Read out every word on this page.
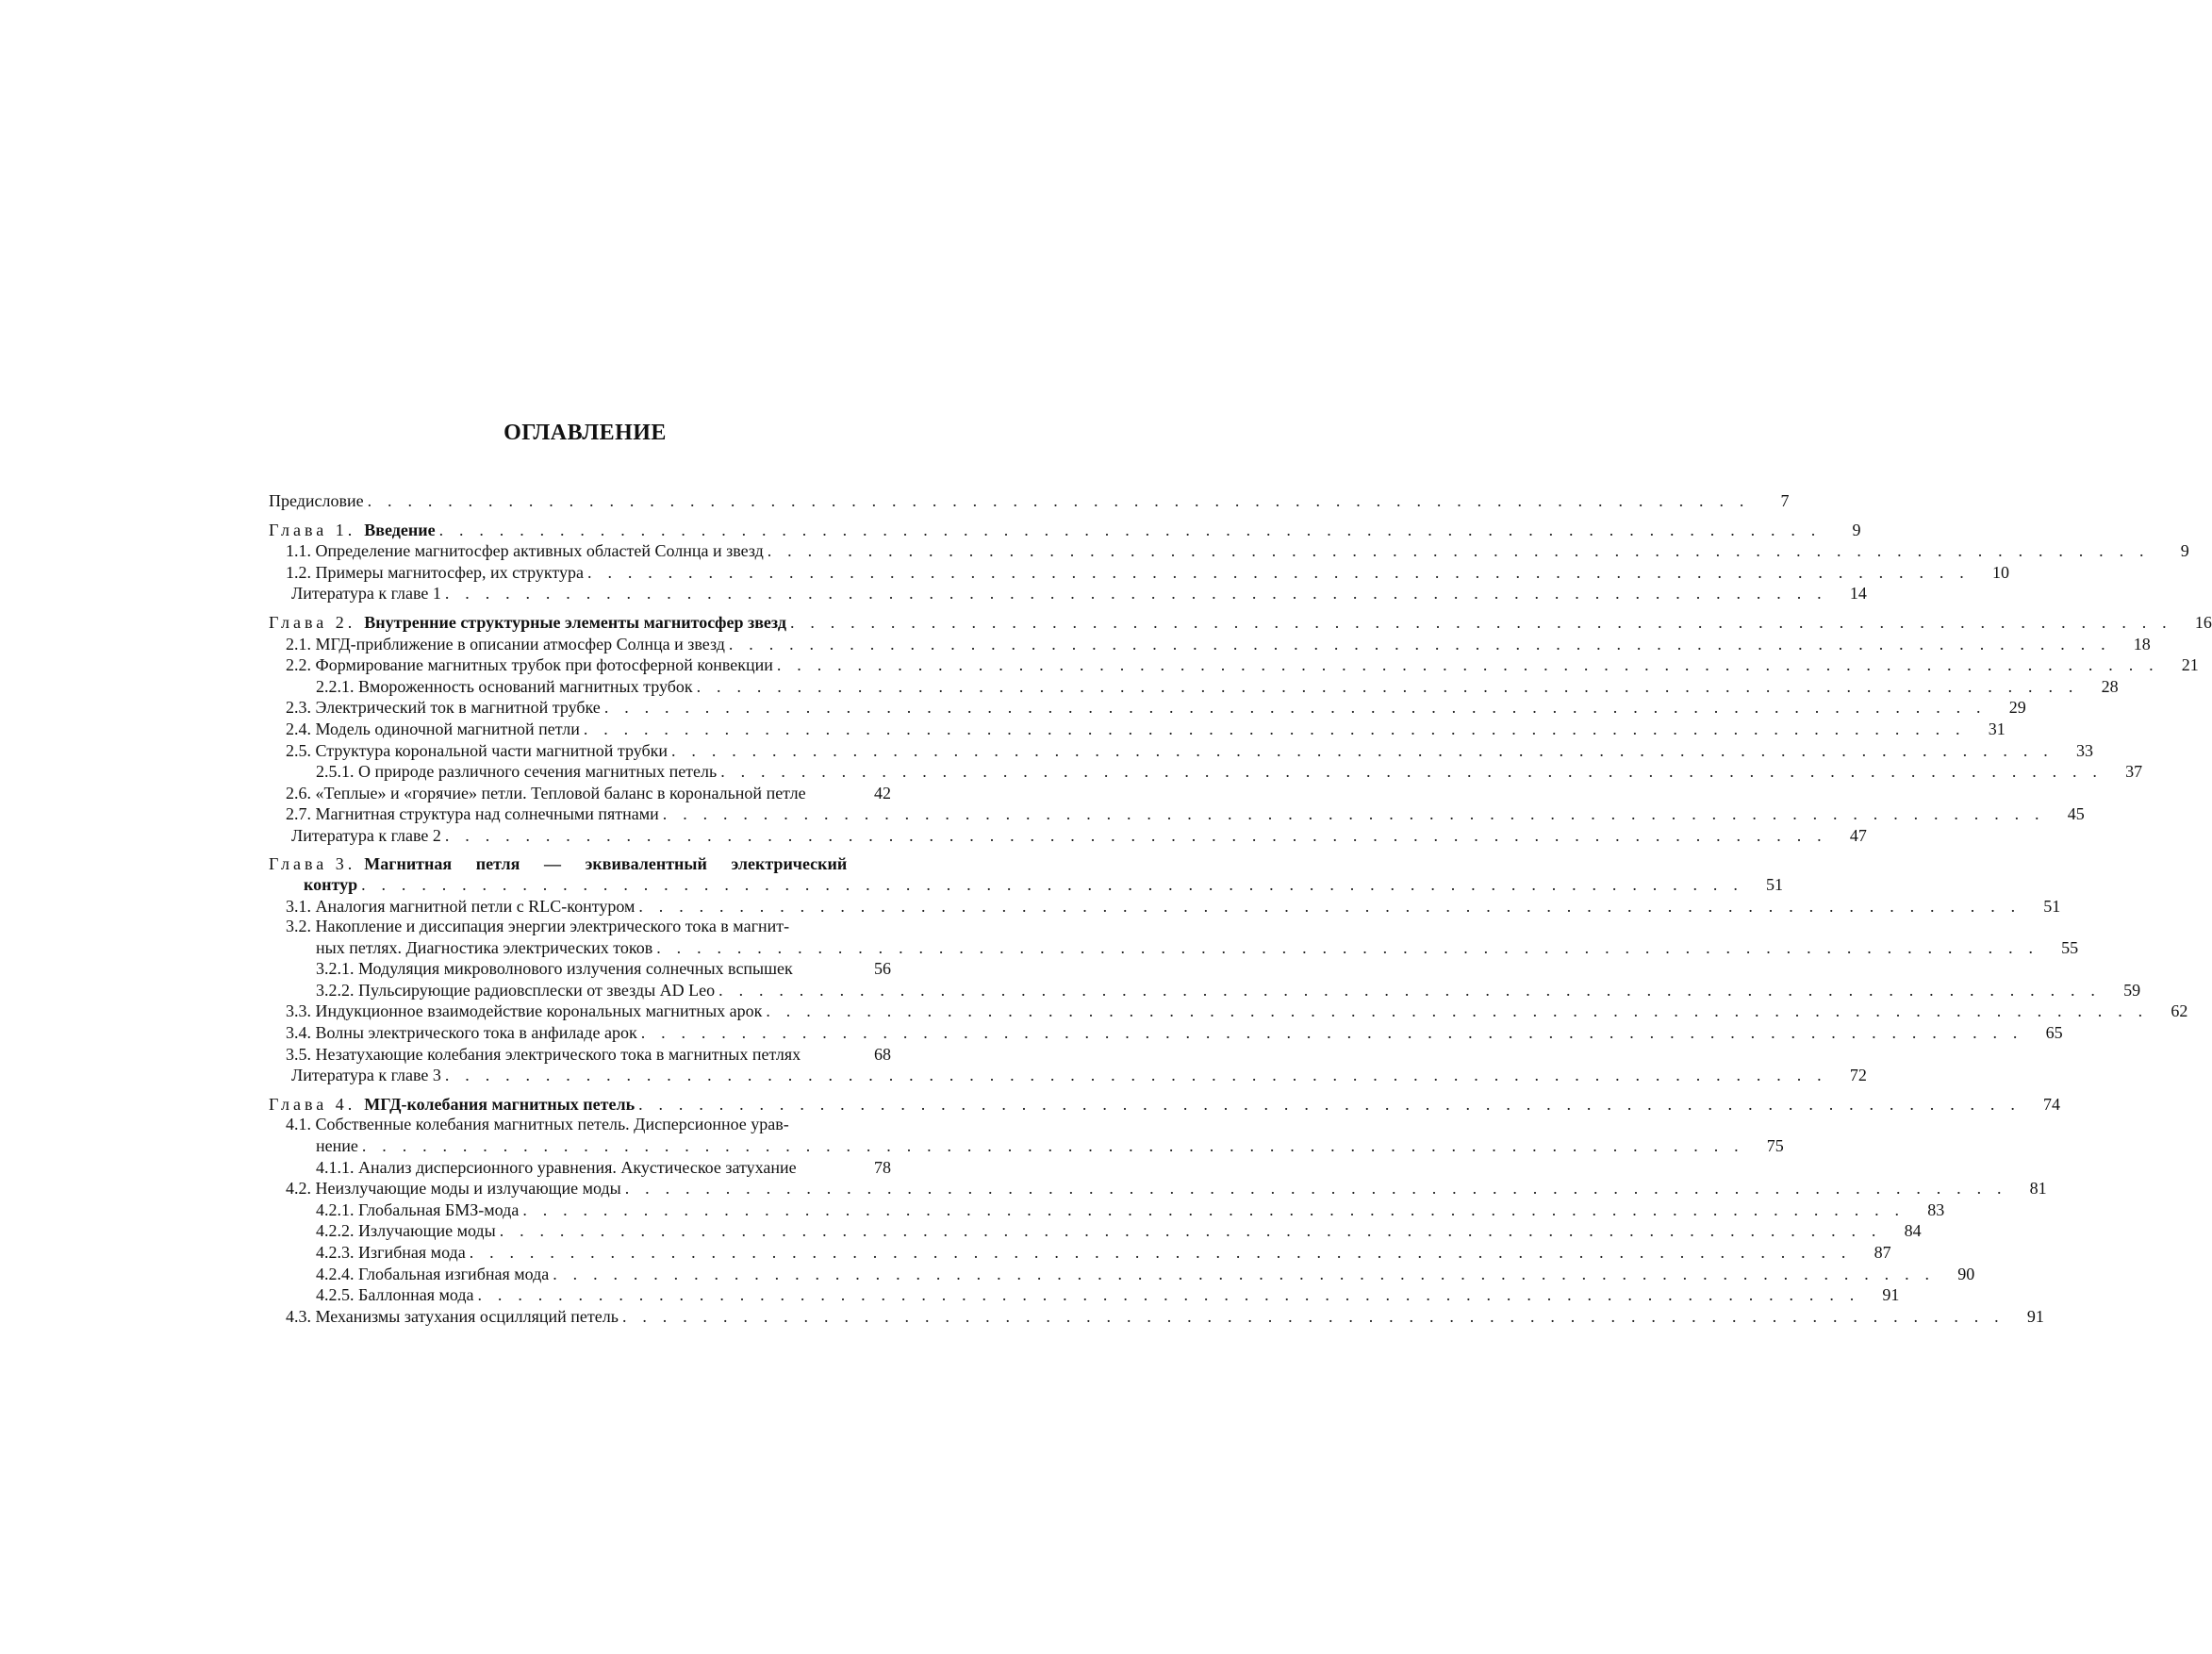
ОГЛАВЛЕНИЕ
Предисловие . . . . . . . . . . . . . . . . . . . . . . . . . . . . . . . . . . . . . . . . . . . . . . . . . . . . . . . . . . . . . . . . . . . . .	7
Глава 1. Введение . . . . . . . . . . . . . . . . . . . . . . . . . . . . . . . . . . . . . . . . . . . . . . . . . . . . . . . . . . . . . . . . . . . . .	9
1.1. Определение магнитосфер активных областей Солнца и звезд . . . . . . . . . . . . . . . . . . . . . . . . . . . . . . . . . . . . . . . . . . . . . . . . . . . . . . . . . . . . . . . . . . . . .	9
1.2. Примеры магнитосфер, их структура . . . . . . . . . . . . . . . . . . . . . . . . . . . . . . . . . . . . . . . . . . . . . . . . . . . . . . . . . . . . . . . . . . . . .	10
Литература к главе 1 . . . . . . . . . . . . . . . . . . . . . . . . . . . . . . . . . . . . . . . . . . . . . . . . . . . . . . . . . . . . . . . . . . . . .	14
Глава 2. Внутренние структурные элементы магнитосфер звезд . . . . . . . . . . . . . . . . . . . . . . . . . . . . . . . . . . . . . . . . . . . . . . . . . . . . . . . . . . . . . . . . . . . . .	16
2.1. МГД-приближение в описании атмосфер Солнца и звезд . . . . . . . . . . . . . . . . . . . . . . . . . . . . . . . . . . . . . . . . . . . . . . . . . . . . . . . . . . . . . . . . . . . . .	18
2.2. Формирование магнитных трубок при фотосферной конвекции . . . . . . . . . . . . . . . . . . . . . . . . . . . . . . . . . . . . . . . . . . . . . . . . . . . . . . . . . . . . . . . . . . . . .	21
2.2.1. Вмороженность оснований магнитных трубок . . . . . . . . . . . . . . . . . . . . . . . . . . . . . . . . . . . . . . . . . . . . . . . . . . . . . . . . . . . . . . . . . . . . .	28
2.3. Электрический ток в магнитной трубке . . . . . . . . . . . . . . . . . . . . . . . . . . . . . . . . . . . . . . . . . . . . . . . . . . . . . . . . . . . . . . . . . . . . .	29
2.4. Модель одиночной магнитной петли . . . . . . . . . . . . . . . . . . . . . . . . . . . . . . . . . . . . . . . . . . . . . . . . . . . . . . . . . . . . . . . . . . . . .	31
2.5. Структура корональной части магнитной трубки . . . . . . . . . . . . . . . . . . . . . . . . . . . . . . . . . . . . . . . . . . . . . . . . . . . . . . . . . . . . . . . . . . . . .	33
2.5.1. О природе различного сечения магнитных петель . . . . . . . . . . . . . . . . . . . . . . . . . . . . . . . . . . . . . . . . . . . . . . . . . . . . . . . . . . . . . . . . . . . . .	37
2.6. «Теплые» и «горячие» петли. Тепловой баланс в корональной петле	42
2.7. Магнитная структура над солнечными пятнами . . . . . . . . . . . . . . . . . . . . . . . . . . . . . . . . . . . . . . . . . . . . . . . . . . . . . . . . . . . . . . . . . . . . .	45
Литература к главе 2 . . . . . . . . . . . . . . . . . . . . . . . . . . . . . . . . . . . . . . . . . . . . . . . . . . . . . . . . . . . . . . . . . . . . .	47
Глава 3.
Магнитная петля — эквивалентный электрический
контур . . . . . . . . . . . . . . . . . . . . . . . . . . . . . . . . . . . . . . . . . . . . . . . . . . . . . . . . . . . . . . . . . . . . .	51
3.1. Аналогия магнитной петли с RLC-контуром . . . . . . . . . . . . . . . . . . . . . . . . . . . . . . . . . . . . . . . . . . . . . . . . . . . . . . . . . . . . . . . . . . . . .	51
3.2. Накопление и диссипация энергии электрического тока в магнит-
ных петлях. Диагностика электрических токов . . . . . . . . . . . . . . . . . . . . . . . . . . . . . . . . . . . . . . . . . . . . . . . . . . . . . . . . . . . . . . . . . . . . .	55
3.2.1. Модуляция микроволнового излучения солнечных вспышек	56
3.2.2. Пульсирующие радиовсплески от звезды AD Leo . . . . . . . . . . . . . . . . . . . . . . . . . . . . . . . . . . . . . . . . . . . . . . . . . . . . . . . . . . . . . . . . . . . . .	59
3.3. Индукционное взаимодействие корональных магнитных арок . . . . . . . . . . . . . . . . . . . . . . . . . . . . . . . . . . . . . . . . . . . . . . . . . . . . . . . . . . . . . . . . . . . . .	62
3.4. Волны электрического тока в анфиладе арок . . . . . . . . . . . . . . . . . . . . . . . . . . . . . . . . . . . . . . . . . . . . . . . . . . . . . . . . . . . . . . . . . . . . .	65
3.5. Незатухающие колебания электрического тока в магнитных петлях	68
Литература к главе 3 . . . . . . . . . . . . . . . . . . . . . . . . . . . . . . . . . . . . . . . . . . . . . . . . . . . . . . . . . . . . . . . . . . . . .	72
Глава 4. МГД-колебания магнитных петель . . . . . . . . . . . . . . . . . . . . . . . . . . . . . . . . . . . . . . . . . . . . . . . . . . . . . . . . . . . . . . . . . . . . .	74
4.1. Собственные колебания магнитных петель. Дисперсионное урав-
нение . . . . . . . . . . . . . . . . . . . . . . . . . . . . . . . . . . . . . . . . . . . . . . . . . . . . . . . . . . . . . . . . . . . . .	75
4.1.1. Анализ дисперсионного уравнения. Акустическое затухание	78
4.2. Неизлучающие моды и излучающие моды . . . . . . . . . . . . . . . . . . . . . . . . . . . . . . . . . . . . . . . . . . . . . . . . . . . . . . . . . . . . . . . . . . . . .	81
4.2.1. Глобальная БМЗ-мода . . . . . . . . . . . . . . . . . . . . . . . . . . . . . . . . . . . . . . . . . . . . . . . . . . . . . . . . . . . . . . . . . . . . .	83
4.2.2. Излучающие моды . . . . . . . . . . . . . . . . . . . . . . . . . . . . . . . . . . . . . . . . . . . . . . . . . . . . . . . . . . . . . . . . . . . . .	84
4.2.3. Изгибная мода . . . . . . . . . . . . . . . . . . . . . . . . . . . . . . . . . . . . . . . . . . . . . . . . . . . . . . . . . . . . . . . . . . . . .	87
4.2.4. Глобальная изгибная мода . . . . . . . . . . . . . . . . . . . . . . . . . . . . . . . . . . . . . . . . . . . . . . . . . . . . . . . . . . . . . . . . . . . . .	90
4.2.5. Баллонная мода . . . . . . . . . . . . . . . . . . . . . . . . . . . . . . . . . . . . . . . . . . . . . . . . . . . . . . . . . . . . . . . . . . . . .	91
4.3. Механизмы затухания осцилляций петель . . . . . . . . . . . . . . . . . . . . . . . . . . . . . . . . . . . . . . . . . . . . . . . . . . . . . . . . . . . . . . . . . . . . .	91
